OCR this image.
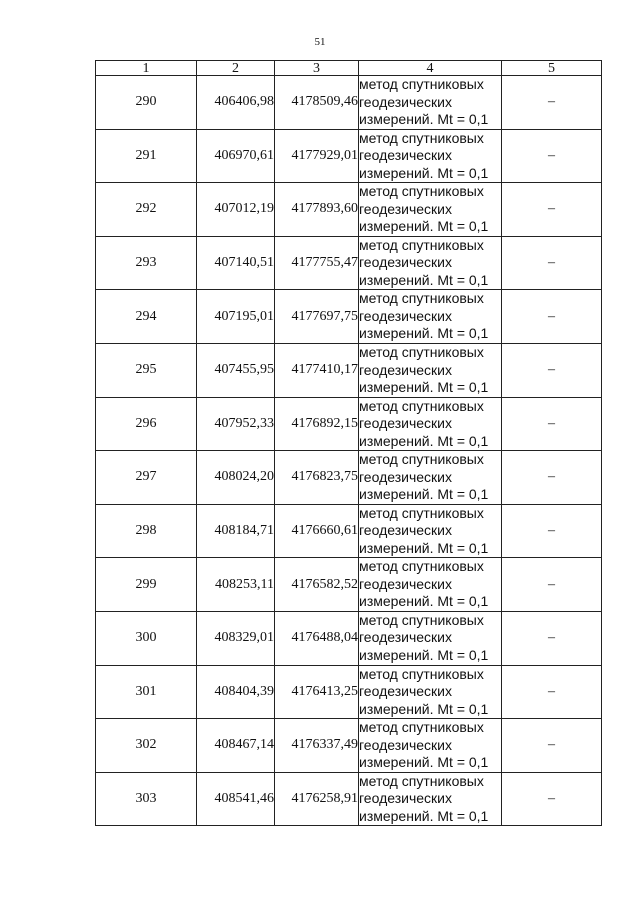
51
1	2	3	4	5
290	406406,98	4178509,46	метод спутниковых
геодезических
измерений. Mt = 0,1	–
291	406970,61	4177929,01	метод спутниковых
геодезических
измерений. Mt = 0,1	–
292	407012,19	4177893,60	метод спутниковых
геодезических
измерений. Mt = 0,1	–
293	407140,51	4177755,47	метод спутниковых
геодезических
измерений. Mt = 0,1	–
294	407195,01	4177697,75	метод спутниковых
геодезических
измерений. Mt = 0,1	–
295	407455,95	4177410,17	метод спутниковых
геодезических
измерений. Mt = 0,1	–
296	407952,33	4176892,15	метод спутниковых
геодезических
измерений. Mt = 0,1	–
297	408024,20	4176823,75	метод спутниковых
геодезических
измерений. Mt = 0,1	–
298	408184,71	4176660,61	метод спутниковых
геодезических
измерений. Mt = 0,1	–
299	408253,11	4176582,52	метод спутниковых
геодезических
измерений. Mt = 0,1	–
300	408329,01	4176488,04	метод спутниковых
геодезических
измерений. Mt = 0,1	–
301	408404,39	4176413,25	метод спутниковых
геодезических
измерений. Mt = 0,1	–
302	408467,14	4176337,49	метод спутниковых
геодезических
измерений. Mt = 0,1	–
303	408541,46	4176258,91	метод спутниковых
геодезических
измерений. Mt = 0,1	–
